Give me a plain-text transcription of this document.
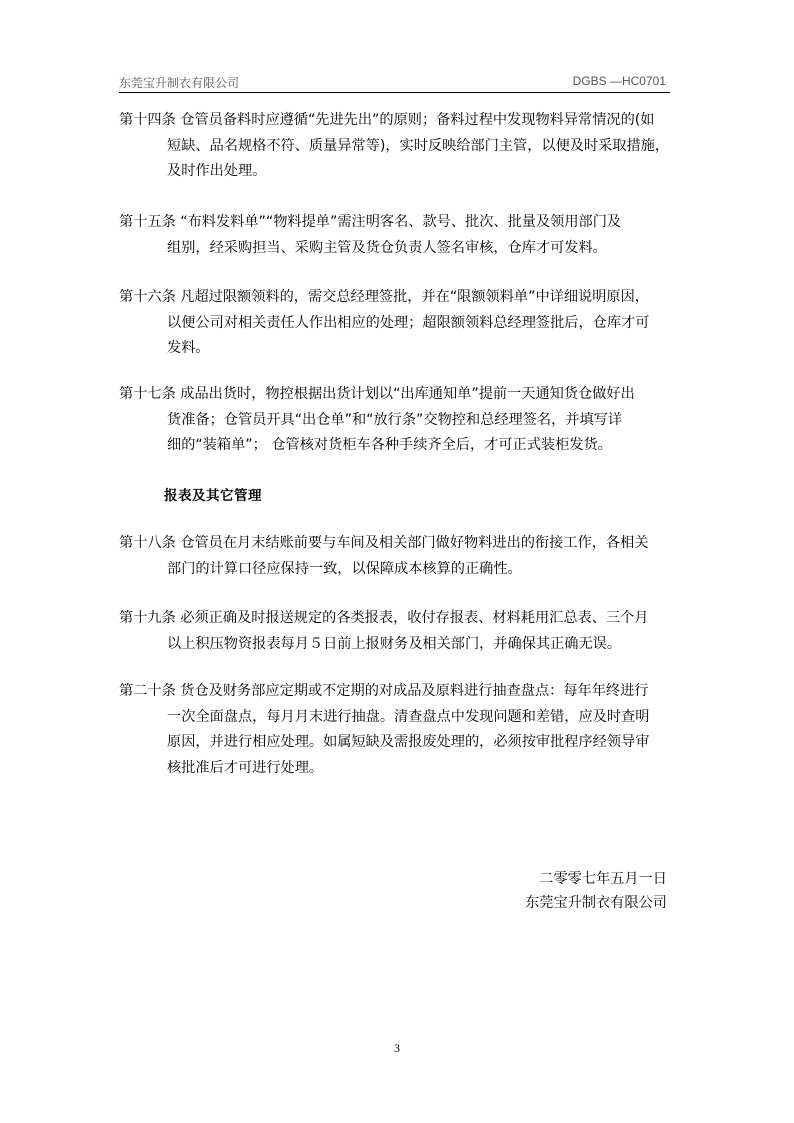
东莞宝升制衣有限公司	DGBS —HC0701
第十四条 仓管员备料时应遵循“先进先出”的原则；备料过程中发现物料异常情况的(如
短缺、品名规格不符、质量异常等)，实时反映给部门主管，以便及时采取措施，
及时作出处理。
第十五条 “布料发料单”“物料提单”需注明客名、款号、批次、批量及领用部门及
组别，经采购担当、采购主管及货仓负责人签名审核，仓库才可发料。
第十六条 凡超过限额领料的，需交总经理签批，并在“限额领料单”中详细说明原因，
以便公司对相关责任人作出相应的处理；超限额领料总经理签批后，仓库才可
发料。
第十七条 成品出货时，物控根据出货计划以“出库通知单”提前一天通知货仓做好出
货准备；仓管员开具“出仓单”和“放行条”交物控和总经理签名，并填写详
细的“装箱单”； 仓管核对货柜车各种手续齐全后，才可正式装柜发货。
报表及其它管理
第十八条 仓管员在月末结账前要与车间及相关部门做好物料进出的衔接工作，各相关
部门的计算口径应保持一致，以保障成本核算的正确性。
第十九条 必须正确及时报送规定的各类报表，收付存报表、材料耗用汇总表、三个月
以上积压物资报表每月５日前上报财务及相关部门，并确保其正确无误。
第二十条 货仓及财务部应定期或不定期的对成品及原料进行抽查盘点：每年年终进行
一次全面盘点，每月月末进行抽盘。清查盘点中发现问题和差错，应及时查明
原因，并进行相应处理。如属短缺及需报废处理的，必须按审批程序经领导审
核批准后才可进行处理。
二零零七年五月一日
东莞宝升制衣有限公司
3
